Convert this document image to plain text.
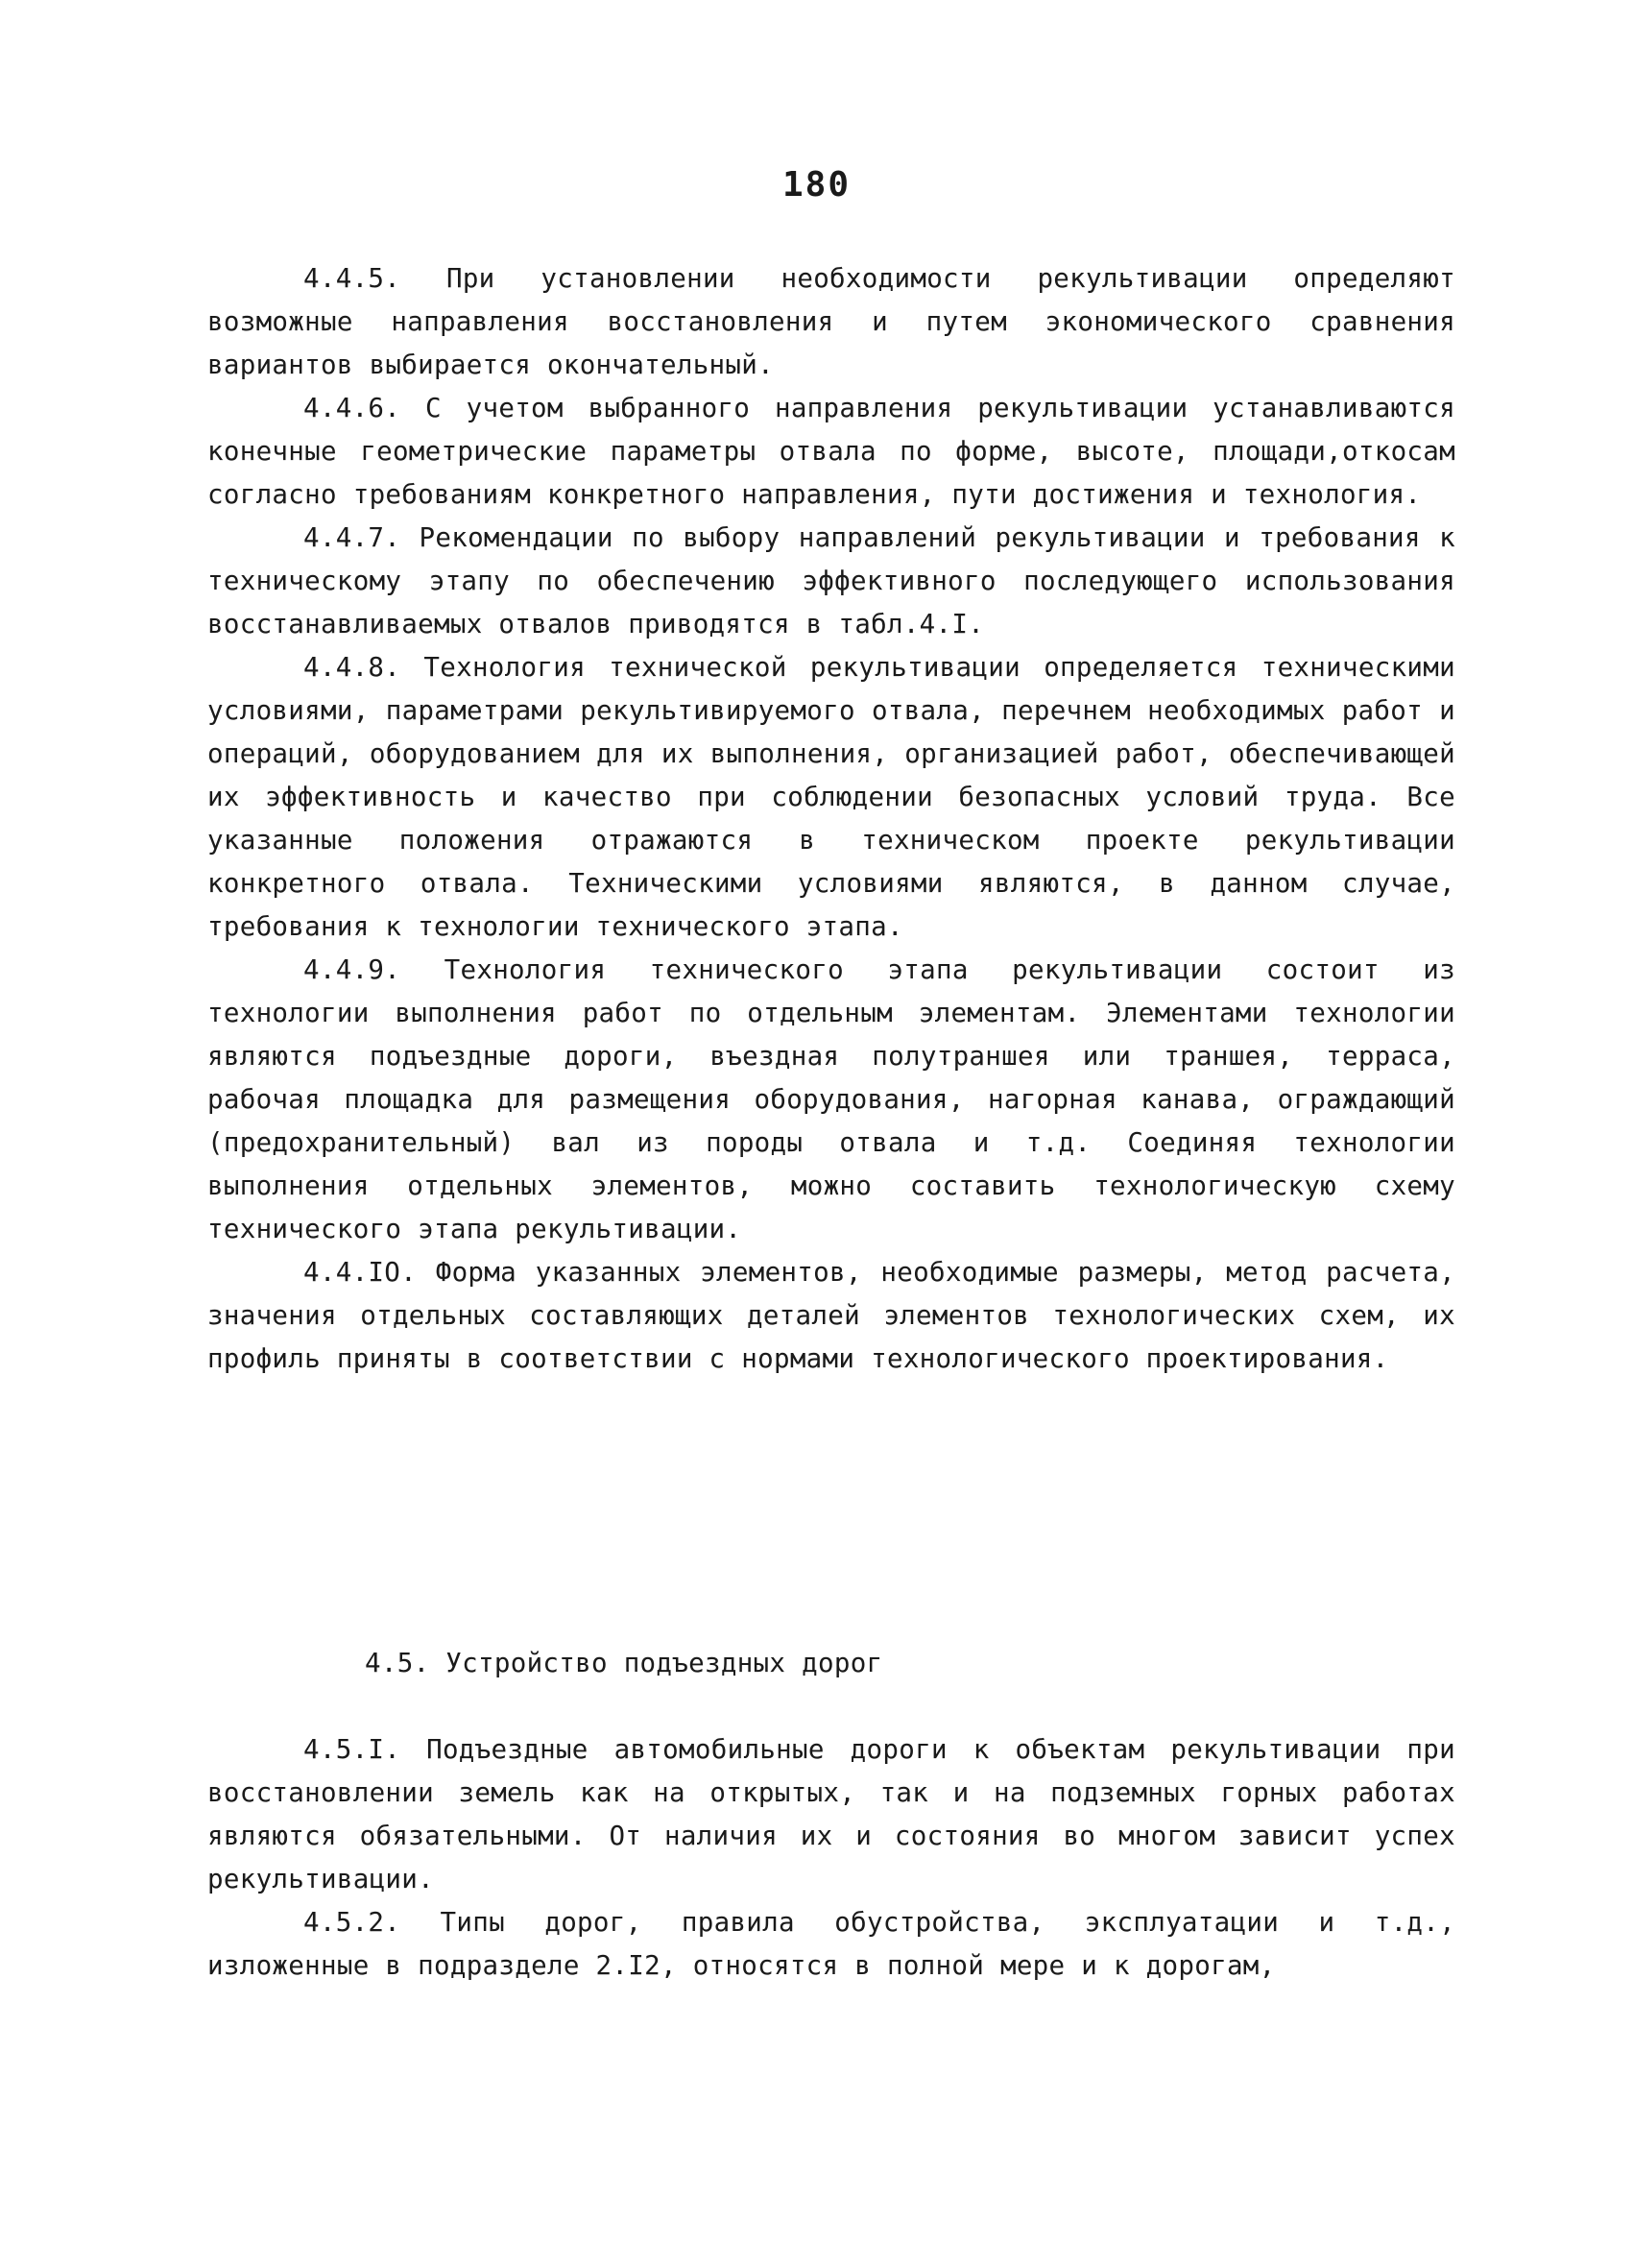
180

4.4.5. При установлении необходимости рекультивации определяют возможные направления восстановления и путем экономического сравнения вариантов выбирается окончательный.

4.4.6. С учетом выбранного направления рекультивации устанавливаются конечные геометрические параметры отвала по форме, высоте, площади,откосам согласно требованиям конкретного направления, пути достижения и технология.

4.4.7. Рекомендации по выбору направлений рекультивации и требования к техническому этапу по обеспечению эффективного последующего использования восстанавливаемых отвалов приводятся в табл.4.I.

4.4.8. Технология технической рекультивации определяется техническими условиями, параметрами рекультивируемого отвала, перечнем необходимых работ и операций, оборудованием для их выполнения, организацией работ, обеспечивающей их эффективность и качество при соблюдении безопасных условий труда. Все указанные положения отражаются в техническом проекте рекультивации конкретного отвала. Техническими условиями являются, в данном случае, требования к технологии технического этапа.

4.4.9. Технология технического этапа рекультивации состоит из технологии выполнения работ по отдельным элементам. Элементами технологии являются подъездные дороги, въездная полутраншея или траншея, терраса, рабочая площадка для размещения оборудования, нагорная канава, ограждающий (предохранительный) вал из породы отвала и т.д. Соединяя технологии выполнения отдельных элементов, можно составить технологическую схему технического этапа рекультивации.

4.4.IO. Форма указанных элементов, необходимые размеры, метод расчета, значения отдельных составляющих деталей элементов технологических схем, их профиль приняты в соответствии с нормами технологического проектирования.

4.5. Устройство подъездных дорог

4.5.I. Подъездные автомобильные дороги к объектам рекультивации при восстановлении земель как на открытых, так и на подземных горных работах являются обязательными. От наличия их и состояния во многом зависит успех рекультивации.

4.5.2. Типы дорог, правила обустройства, эксплуатации и т.д., изложенные в подразделе 2.I2, относятся в полной мере и к дорогам,
